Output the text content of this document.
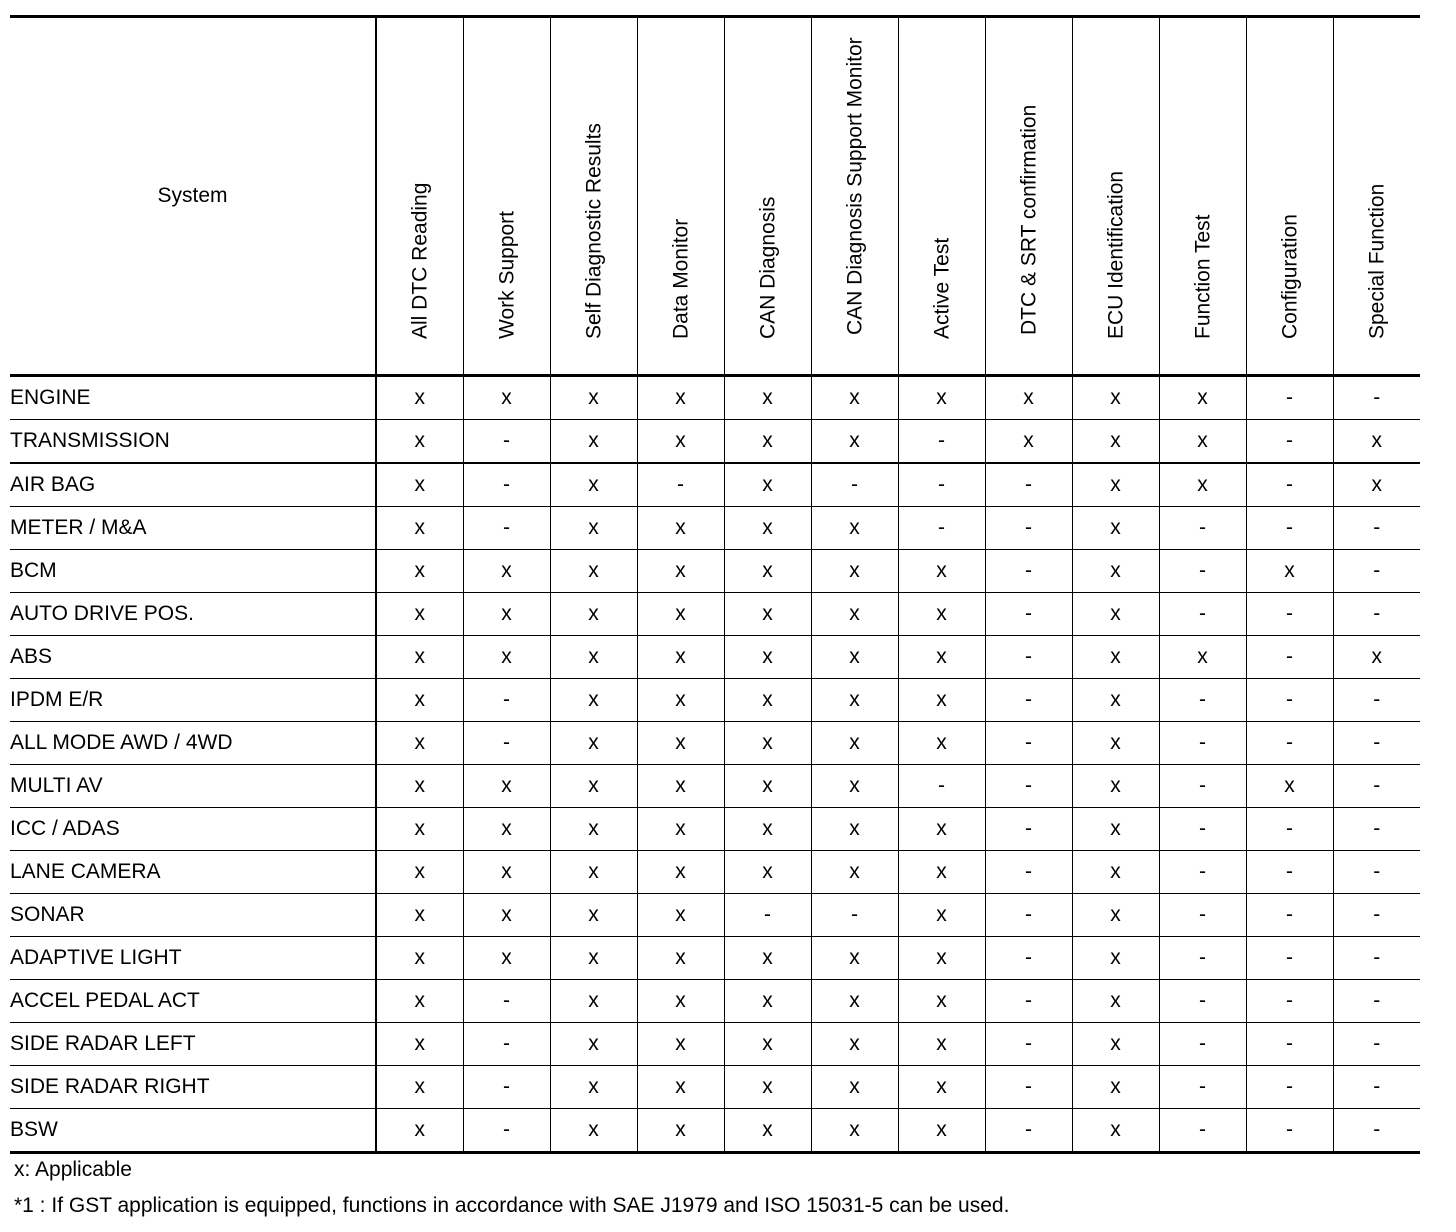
System	All DTC Reading	Work Support	Self Diagnostic Results	Data Monitor	CAN Diagnosis	CAN Diagnosis Support Monitor	Active Test	DTC & SRT confirmation	ECU Identification	Function Test	Configuration	Special Function

ENGINE	x	x	x	x	x	x	x	x	x	x	-	-
TRANSMISSION	x	-	x	x	x	x	-	x	x	x	-	x
AIR BAG	x	-	x	-	x	-	-	-	x	x	-	x
METER / M&A	x	-	x	x	x	x	-	-	x	-	-	-
BCM	x	x	x	x	x	x	x	-	x	-	x	-
AUTO DRIVE POS.	x	x	x	x	x	x	x	-	x	-	-	-
ABS	x	x	x	x	x	x	x	-	x	x	-	x
IPDM E/R	x	-	x	x	x	x	x	-	x	-	-	-
ALL MODE AWD / 4WD	x	-	x	x	x	x	x	-	x	-	-	-
MULTI AV	x	x	x	x	x	x	-	-	x	-	x	-
ICC / ADAS	x	x	x	x	x	x	x	-	x	-	-	-
LANE CAMERA	x	x	x	x	x	x	x	-	x	-	-	-
SONAR	x	x	x	x	-	-	x	-	x	-	-	-
ADAPTIVE LIGHT	x	x	x	x	x	x	x	-	x	-	-	-
ACCEL PEDAL ACT	x	-	x	x	x	x	x	-	x	-	-	-
SIDE RADAR LEFT	x	-	x	x	x	x	x	-	x	-	-	-
SIDE RADAR RIGHT	x	-	x	x	x	x	x	-	x	-	-	-
BSW	x	-	x	x	x	x	x	-	x	-	-	-
x: Applicable
*1 : If GST application is equipped, functions in accordance with SAE J1979 and ISO 15031-5 can be used.
